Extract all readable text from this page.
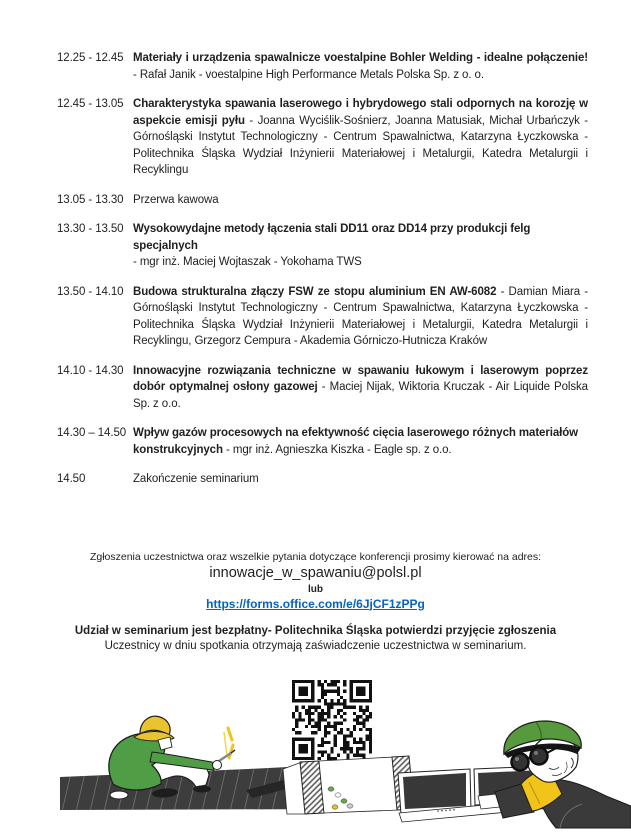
12.25 - 12.45 Materiały i urządzenia spawalnicze voestalpine Bohler Welding - idealne połączenie!
- Rafał Janik - voestalpine High Performance Metals Polska Sp. z o. o.
12.45 - 13.05 Charakterystyka spawania laserowego i hybrydowego stali odpornych na korozję w aspekcie emisji pyłu - Joanna Wyciślik-Sośnierz, Joanna Matusiak, Michał Urbańczyk - Górnośląski Instytut Technologiczny - Centrum Spawalnictwa, Katarzyna Łyczkowska - Politechnika Śląska Wydział Inżynierii Materiałowej i Metalurgii, Katedra Metalurgii i Recyklingu
13.05 - 13.30 Przerwa kawowa
13.30 - 13.50 Wysokowydajne metody łączenia stali DD11 oraz DD14 przy produkcji felg specjalnych
- mgr inż. Maciej Wojtaszak - Yokohama TWS
13.50 - 14.10 Budowa strukturalna złączy FSW ze stopu aluminium EN AW-6082 - Damian Miara - Górnośląski Instytut Technologiczny - Centrum Spawalnictwa, Katarzyna Łyczkowska - Politechnika Śląska Wydział Inżynierii Materiałowej i Metalurgii, Katedra Metalurgii i Recyklingu, Grzegorz Cempura - Akademia Górniczo-Hutnicza Kraków
14.10 - 14.30 Innowacyjne rozwiązania techniczne w spawaniu łukowym i laserowym poprzez dobór optymalnej osłony gazowej - Maciej Nijak, Wiktoria Kruczak - Air Liquide Polska Sp. z o.o.
14.30 – 14.50 Wpływ gazów procesowych na efektywność cięcia laserowego różnych materiałów konstrukcyjnych - mgr inż. Agnieszka Kiszka - Eagle sp. z o.o.
14.50	Zakończenie seminarium
Zgłoszenia uczestnictwa oraz wszelkie pytania dotyczące konferencji prosimy kierować na adres:
innowacje_w_spawaniu@polsl.pl
lub
https://forms.office.com/e/6JjCF1zPPg
Udział w seminarium jest bezpłatny- Politechnika Śląska potwierdzi przyjęcie zgłoszenia
Uczestnicy w dniu spotkania otrzymają zaświadczenie uczestnictwa w seminarium.
